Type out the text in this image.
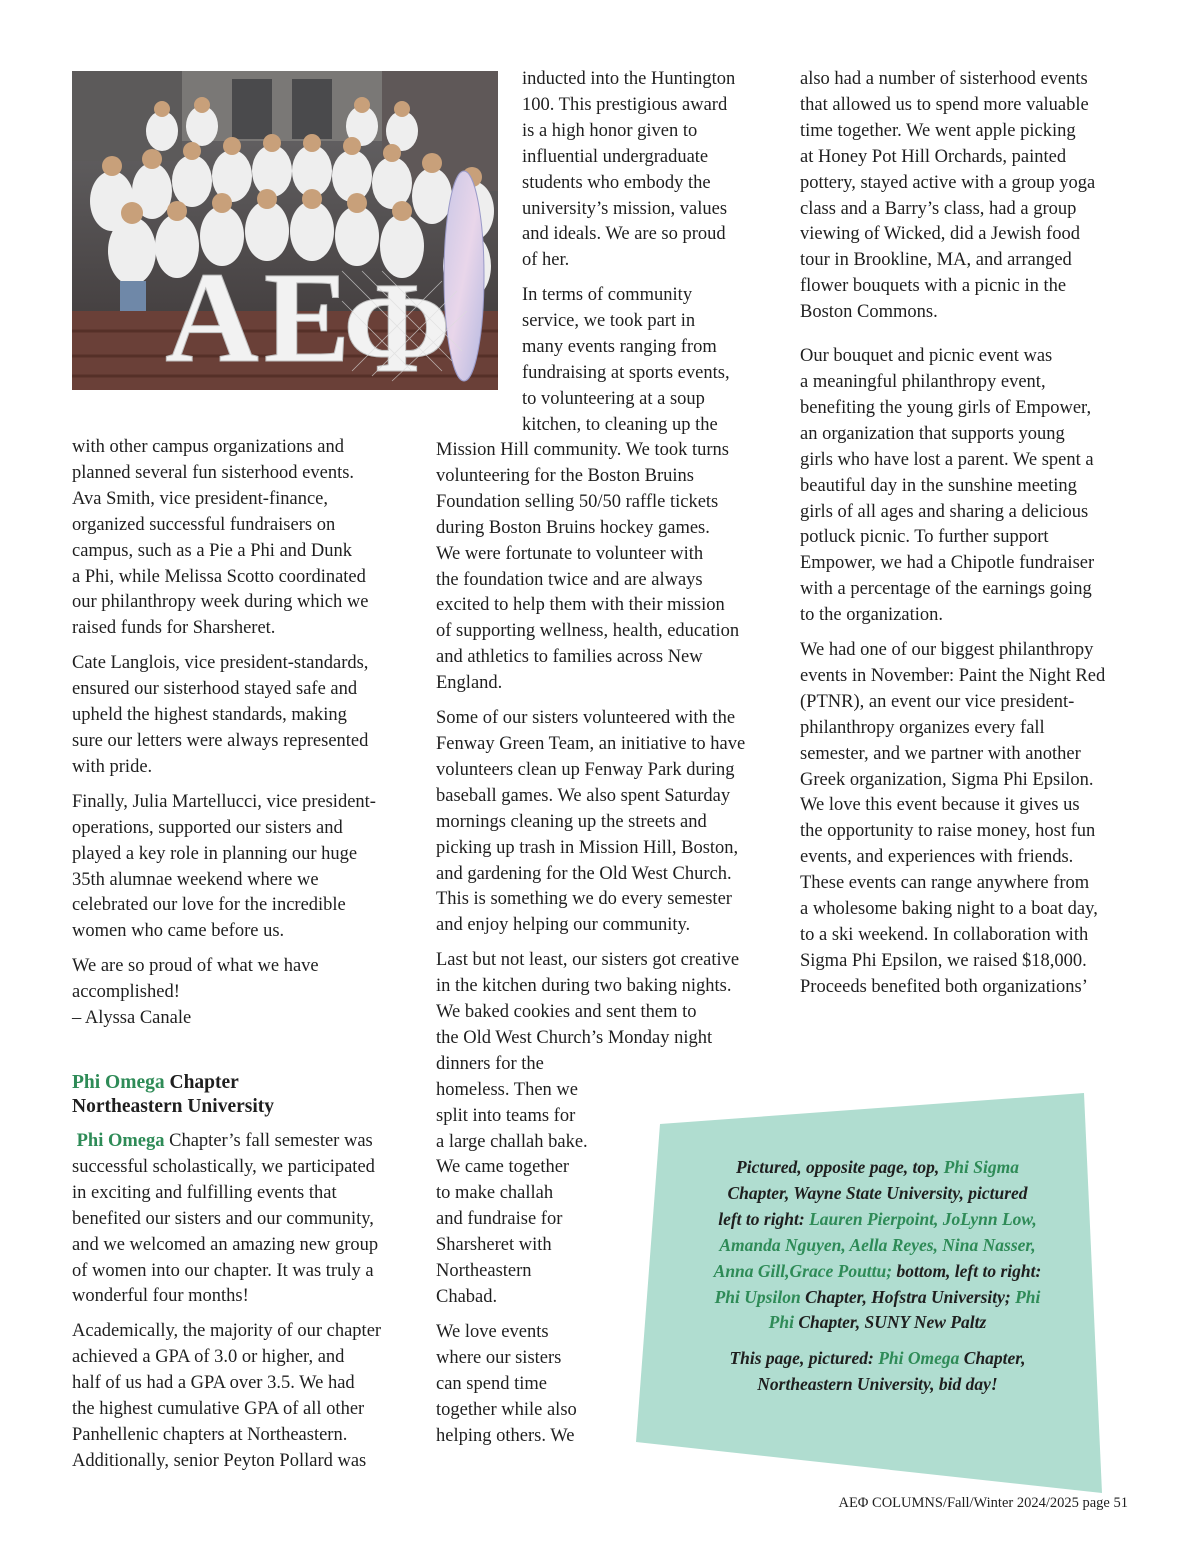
Α Ε
Φ

with other campus organizations and
planned several fun sisterhood events.
Ava Smith, vice president-finance,
organized successful fundraisers on
campus, such as a Pie a Phi and Dunk
a Phi, while Melissa Scotto coordinated
our philanthropy week during which we
raised funds for Sharsheret.

Cate Langlois, vice president-standards,
ensured our sisterhood stayed safe and
upheld the highest standards, making
sure our letters were always represented
with pride.

Finally, Julia Martellucci, vice president-
operations, supported our sisters and
played a key role in planning our huge
35th alumnae weekend where we
celebrated our love for the incredible
women who came before us.

We are so proud of what we have
accomplished!
– Alyssa Canale

Phi Omega Chapter
Northeastern University

Phi Omega Chapter’s fall semester was
successful scholastically, we participated
in exciting and fulfilling events that
benefited our sisters and our community,
and we welcomed an amazing new group
of women into our chapter. It was truly a
wonderful four months!

Academically, the majority of our chapter
achieved a GPA of 3.0 or higher, and
half of us had a GPA over 3.5. We had
the highest cumulative GPA of all other
Panhellenic chapters at Northeastern.
Additionally, senior Peyton Pollard was

inducted into the Huntington
100. This prestigious award
is a high honor given to
influential undergraduate
students who embody the
university’s mission, values
and ideals. We are so proud
of her.

In terms of community
service, we took part in
many events ranging from
fundraising at sports events,
to volunteering at a soup
kitchen, to cleaning up the

Mission Hill community. We took turns
volunteering for the Boston Bruins
Foundation selling 50/50 raffle tickets
during Boston Bruins hockey games.
We were fortunate to volunteer with
the foundation twice and are always
excited to help them with their mission
of supporting wellness, health, education
and athletics to families across New
England.

Some of our sisters volunteered with the
Fenway Green Team, an initiative to have
volunteers clean up Fenway Park during
baseball games. We also spent Saturday
mornings cleaning up the streets and
picking up trash in Mission Hill, Boston,
and gardening for the Old West Church.
This is something we do every semester
and enjoy helping our community.

Last but not least, our sisters got creative
in the kitchen during two baking nights.
We baked cookies and sent them to
the Old West Church’s Monday night
dinners for the
homeless. Then we
split into teams for
a large challah bake.
We came together
to make challah
and fundraise for
Sharsheret with
Northeastern
Chabad.

We love events
where our sisters
can spend time
together while also
helping others. We

also had a number of sisterhood events
that allowed us to spend more valuable
time together. We went apple picking
at Honey Pot Hill Orchards, painted
pottery, stayed active with a group yoga
class and a Barry’s class, had a group
viewing of Wicked, did a Jewish food
tour in Brookline, MA, and arranged
flower bouquets with a picnic in the
Boston Commons.

Our bouquet and picnic event was
a meaningful philanthropy event,
benefiting the young girls of Empower,
an organization that supports young
girls who have lost a parent. We spent a
beautiful day in the sunshine meeting
girls of all ages and sharing a delicious
potluck picnic. To further support
Empower, we had a Chipotle fundraiser
with a percentage of the earnings going
to the organization.

We had one of our biggest philanthropy
events in November: Paint the Night Red
(PTNR), an event our vice president-
philanthropy organizes every fall
semester, and we partner with another
Greek organization, Sigma Phi Epsilon.
We love this event because it gives us
the opportunity to raise money, host fun
events, and experiences with friends.
These events can range anywhere from
a wholesome baking night to a boat day,
to a ski weekend. In collaboration with
Sigma Phi Epsilon, we raised $18,000.
Proceeds benefited both organizations’

Pictured, opposite page, top, Phi Sigma
Chapter, Wayne State University, pictured
left to right: Lauren Pierpoint, JoLynn Low,
Amanda Nguyen, Aella Reyes, Nina Nasser,
Anna Gill,Grace Pouttu; bottom, left to right:
Phi Upsilon Chapter, Hofstra University; Phi
Phi Chapter, SUNY New Paltz

This page, pictured: Phi Omega Chapter,
Northeastern University, bid day!

ΑΕΦ COLUMNS/Fall/Winter 2024/2025 page 51
